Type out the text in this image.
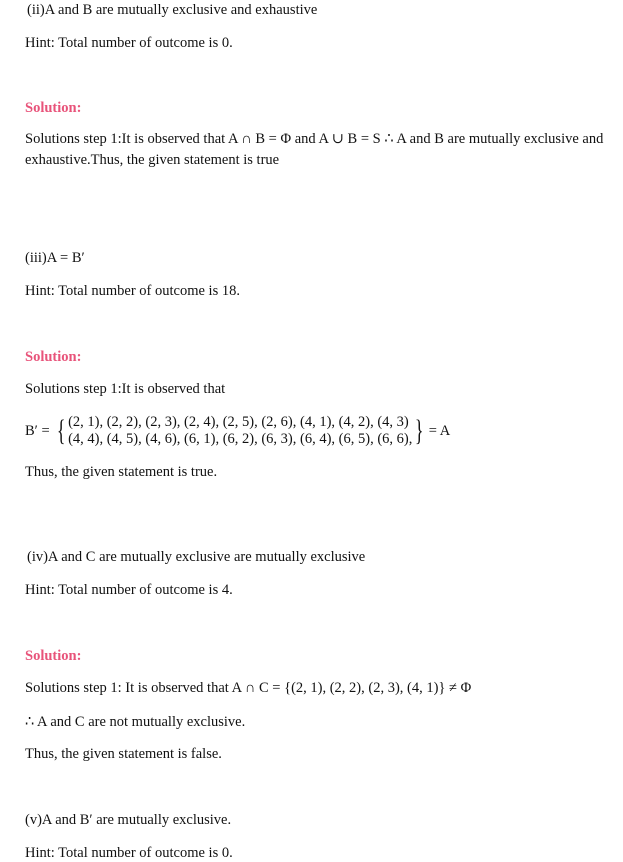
(ii)A and B are mutually exclusive and exhaustive
Hint: Total number of outcome is 0.
Solution:
Solutions step 1:It is observed that A ∩ B = Φ and A ∪ B = S ∴ A and B are mutually exclusive and exhaustive.Thus, the given statement is true
(iii)A = B′
Hint: Total number of outcome is 18.
Solution:
Solutions step 1:It is observed that
B′ = { (2, 1), (2, 2), (2, 3), (2, 4), (2, 5), (2, 6), (4, 1), (4, 2), (4, 3)
(4, 4), (4, 5), (4, 6), (6, 1), (6, 2), (6, 3), (6, 4), (6, 5), (6, 6), } = A
Thus, the given statement is true.
(iv)A and C are mutually exclusive are mutually exclusive
Hint: Total number of outcome is 4.
Solution:
Solutions step 1: It is observed that A ∩ C = {(2, 1), (2, 2), (2, 3), (4, 1)} ≠ Φ
∴ A and C are not mutually exclusive.
Thus, the given statement is false.
(v)A and B′ are mutually exclusive.
Hint: Total number of outcome is 0.
